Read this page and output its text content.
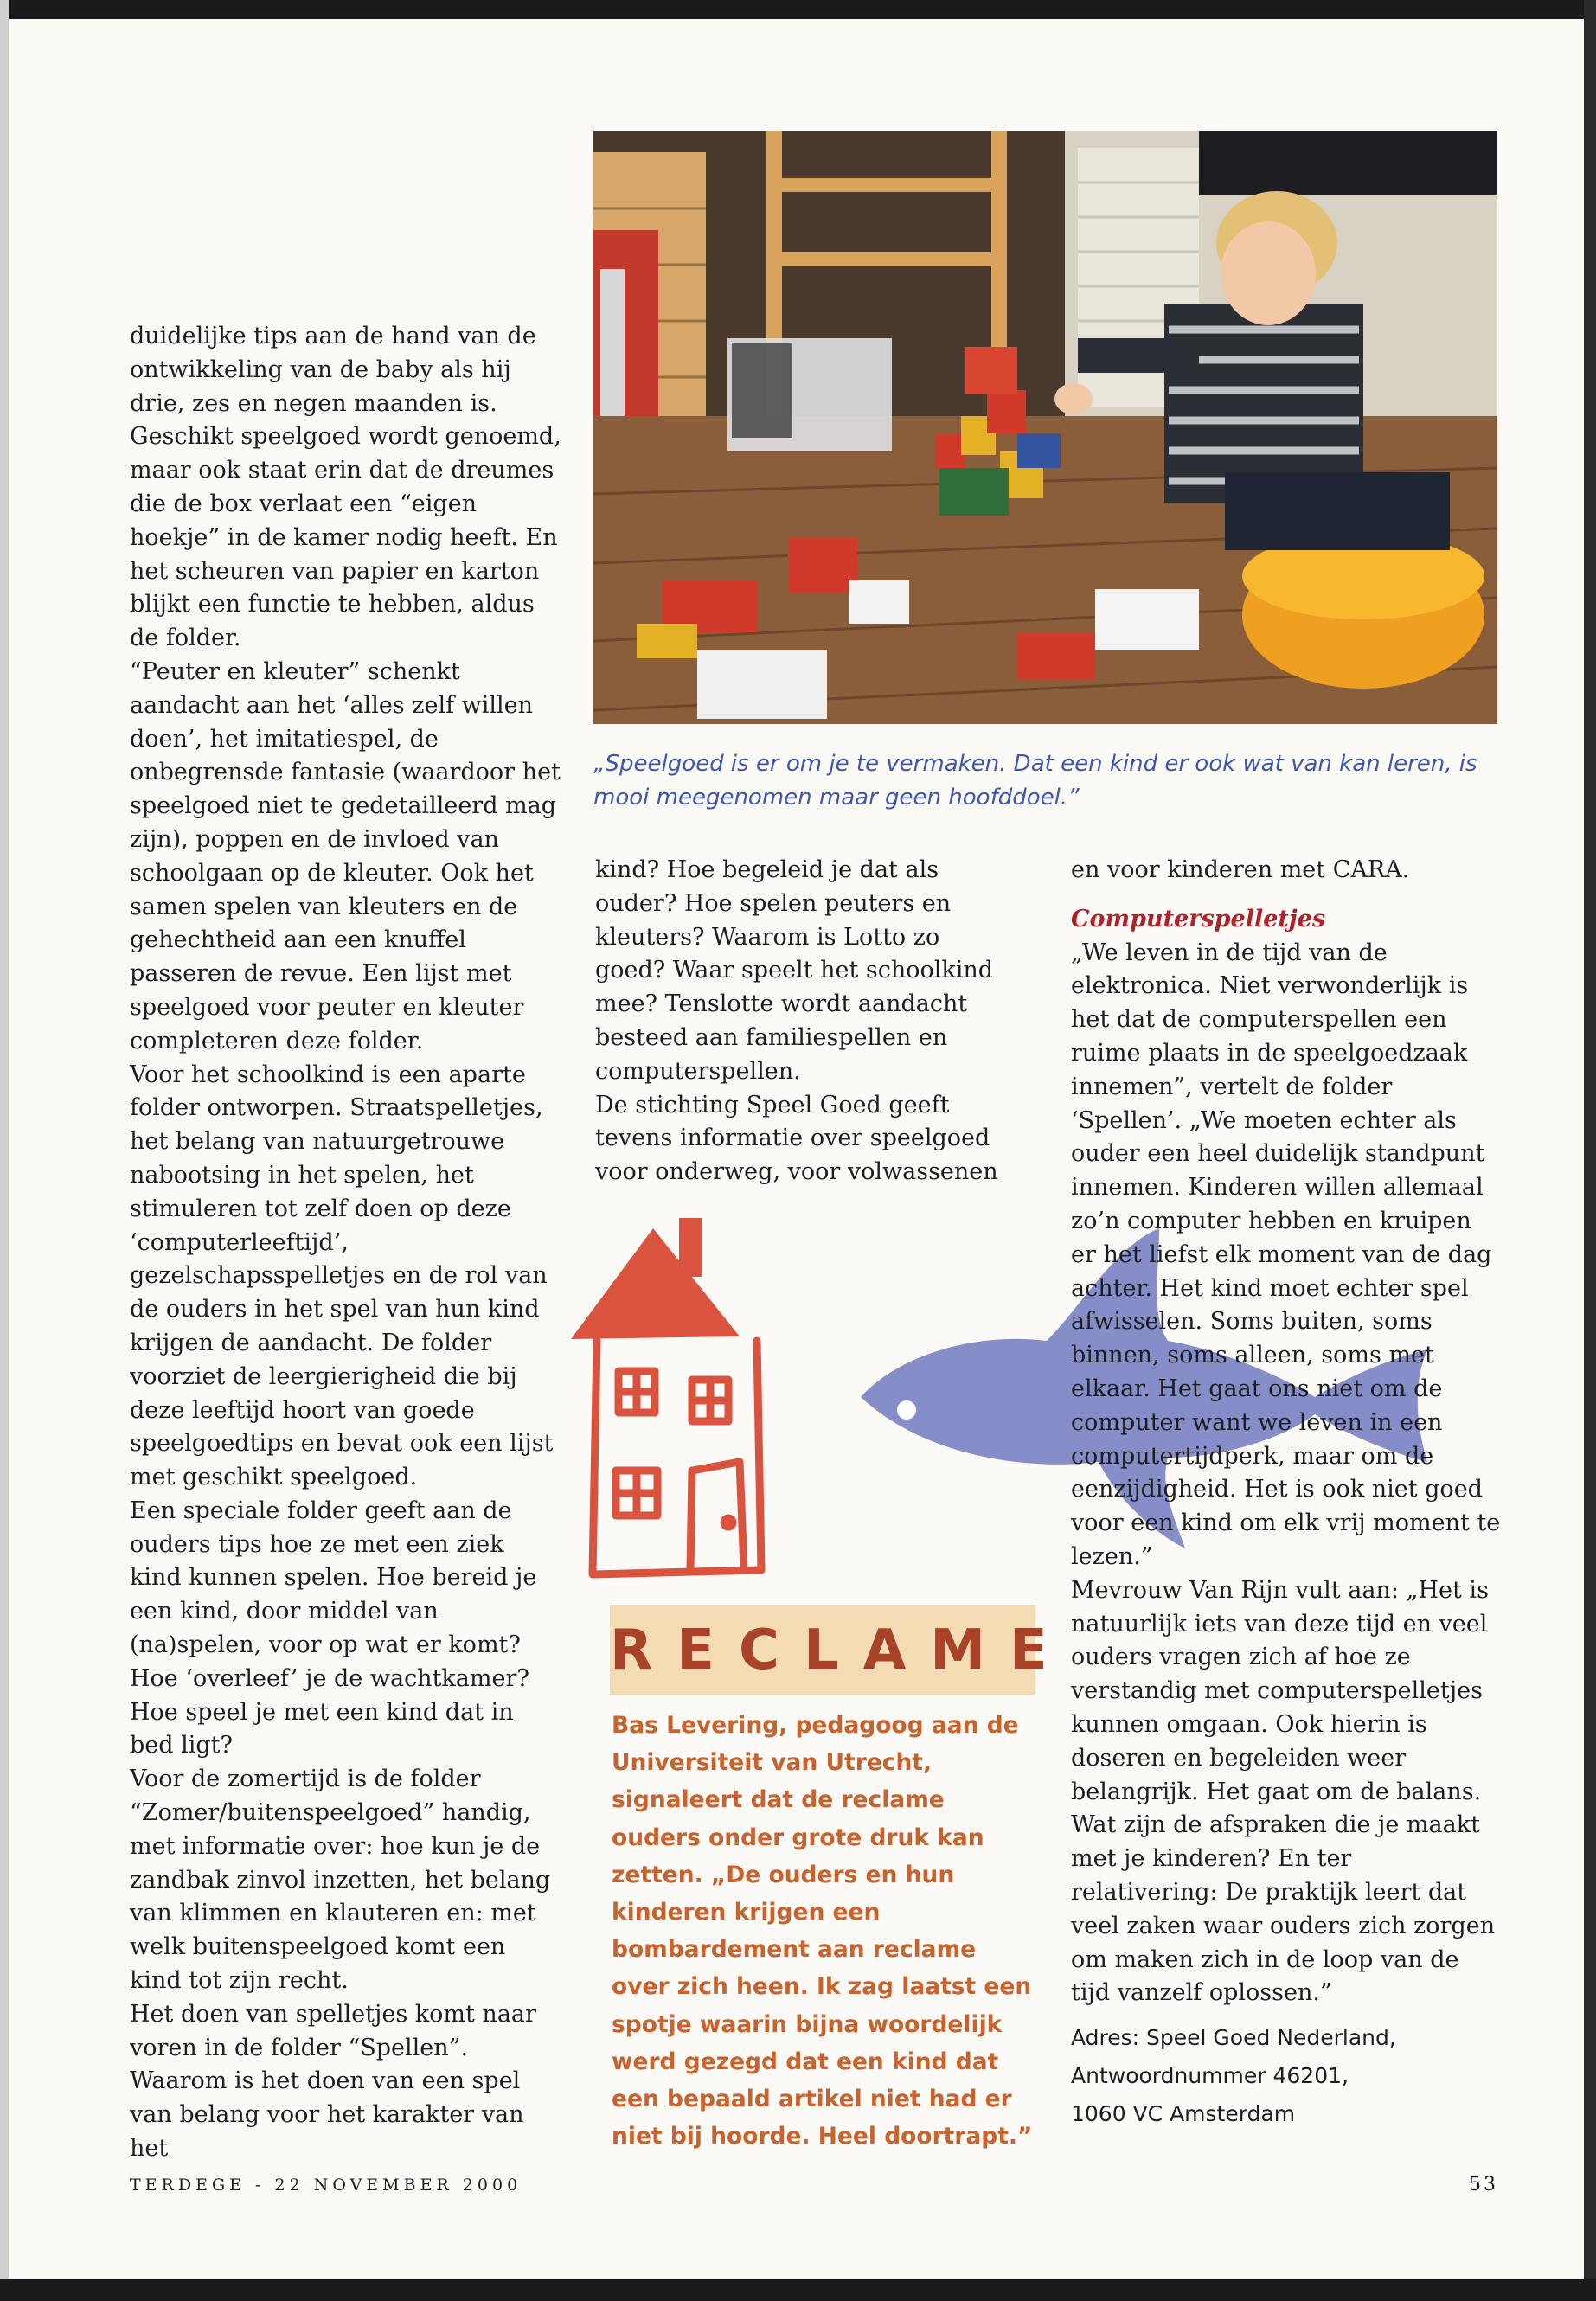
„Speelgoed is er om je te vermaken. Dat een kind er ook wat van kan leren, is mooi meegenomen maar geen hoofddoel.”

duidelijke tips aan de hand van de ontwikkeling van de baby als hij drie, zes en negen maanden is. Geschikt speelgoed wordt genoemd, maar ook staat erin dat de dreumes die de box verlaat een “eigen hoekje” in de kamer nodig heeft. En het scheuren van papier en karton blijkt een functie te hebben, aldus de folder.

“Peuter en kleuter” schenkt aandacht aan het ‘alles zelf willen doen’, het imitatiespel, de onbegrensde fantasie (waardoor het speelgoed niet te gedetailleerd mag zijn), poppen en de invloed van schoolgaan op de kleuter. Ook het samen spelen van kleuters en de gehechtheid aan een knuffel passeren de revue. Een lijst met speelgoed voor peuter en kleuter completeren deze folder.

Voor het schoolkind is een aparte folder ontworpen. Straatspelletjes, het belang van natuurgetrouwe nabootsing in het spelen, het stimuleren tot zelf doen op deze ‘computerleeftijd’, gezelschapsspelletjes en de rol van de ouders in het spel van hun kind krijgen de aandacht. De folder voorziet de leergierigheid die bij deze leeftijd hoort van goede speelgoedtips en bevat ook een lijst met geschikt speelgoed.

Een speciale folder geeft aan de ouders tips hoe ze met een ziek kind kunnen spelen. Hoe bereid je een kind, door middel van (na)spelen, voor op wat er komt? Hoe ‘overleef’ je de wachtkamer? Hoe speel je met een kind dat in bed ligt?

Voor de zomertijd is de folder “Zomer/buitenspeelgoed” handig, met informatie over: hoe kun je de zandbak zinvol inzetten, het belang van klimmen en klauteren en: met welk buitenspeelgoed komt een kind tot zijn recht.

Het doen van spelletjes komt naar voren in de folder “Spellen”. Waarom is het doen van een spel van belang voor het karakter van het

kind? Hoe begeleid je dat als ouder? Hoe spelen peuters en kleuters? Waarom is Lotto zo goed? Waar speelt het schoolkind mee? Tenslotte wordt aandacht besteed aan familiespellen en computerspellen.

De stichting Speel Goed geeft tevens informatie over speelgoed voor onderweg, voor volwassenen

RECLAME
Bas Levering, pedagoog aan de Universiteit van Utrecht, signaleert dat de reclame ouders onder grote druk kan zetten. „De ouders en hun kinderen krijgen een bombardement aan reclame over zich heen. Ik zag laatst een spotje waarin bijna woordelijk werd gezegd dat een kind dat een bepaald artikel niet had er niet bij hoorde. Heel doortrapt.”

en voor kinderen met CARA.

Computerspelletjes

„We leven in de tijd van de elektronica. Niet verwonderlijk is het dat de computerspellen een ruime plaats in de speelgoedzaak innemen”, vertelt de folder ‘Spellen’. „We moeten echter als ouder een heel duidelijk standpunt innemen. Kinderen willen allemaal zo’n computer hebben en kruipen er het liefst elk moment van de dag achter. Het kind moet echter spel afwisselen. Soms buiten, soms binnen, soms alleen, soms met elkaar. Het gaat ons niet om de computer want we leven in een computertijdperk, maar om de eenzijdigheid. Het is ook niet goed voor een kind om elk vrij moment te lezen.”

Mevrouw Van Rijn vult aan: „Het is natuurlijk iets van deze tijd en veel ouders vragen zich af hoe ze verstandig met computerspelletjes kunnen omgaan. Ook hierin is doseren en begeleiden weer belangrijk. Het gaat om de balans. Wat zijn de afspraken die je maakt met je kinderen? En ter relativering: De praktijk leert dat veel zaken waar ouders zich zorgen om maken zich in de loop van de tijd vanzelf oplossen.”

Adres: Speel Goed Nederland,
Antwoordnummer 46201,
1060 VC Amsterdam

TERDEGE - 22 NOVEMBER 2000	53
